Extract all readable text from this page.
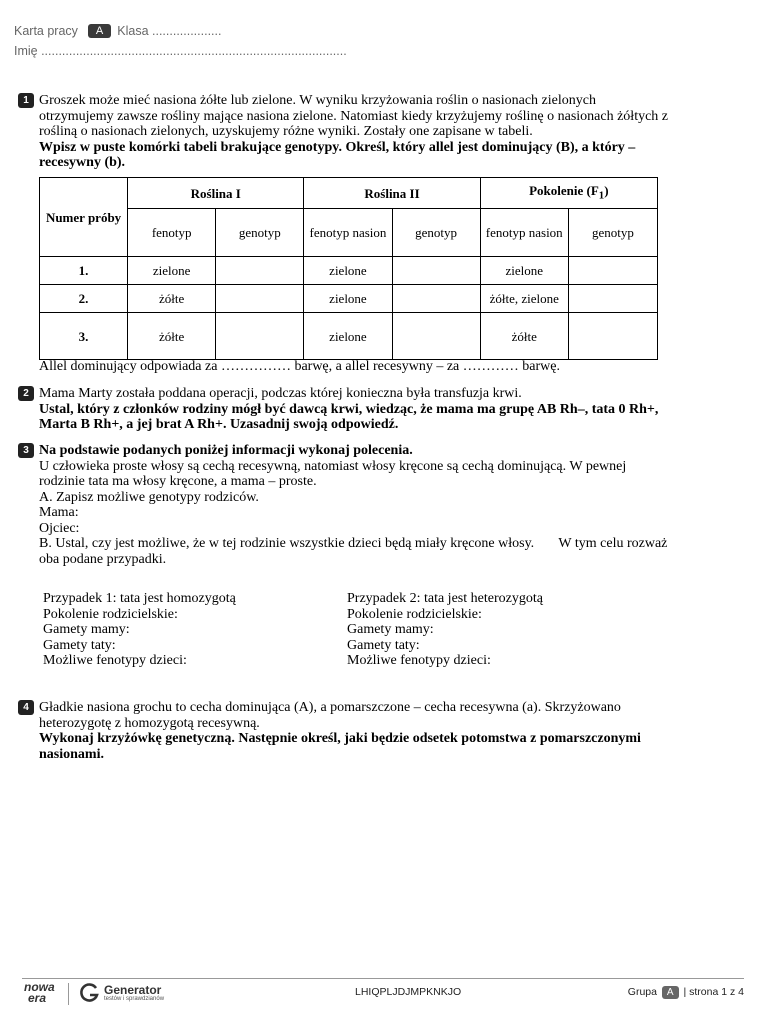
Karta pracy A Klasa ....................
Imię ........................................................................................
1 Groszek może mieć nasiona żółte lub zielone. W wyniku krzyżowania roślin o nasionach zielonych otrzymujemy zawsze rośliny mające nasiona zielone. Natomiast kiedy krzyżujemy roślinę o nasionach żółtych z rośliną o nasionach zielonych, uzyskujemy różne wyniki. Zostały one zapisane w tabeli.
Wpisz w puste komórki tabeli brakujące genotypy. Określ, który allel jest dominujący (B), a który – recesywny (b).
Numer próby	Roślina I		Roślina II		Pokolenie $(F_1)$	
	fenotyp	genotyp	fenotyp nasion	genotyp	fenotyp nasion	genotyp
1.	zielone		zielone		zielone	
2.	żółte		zielone		żółte, zielone	
3.	żółte		zielone		żółte	
Allel dominujący odpowiada za …………… barwę, a allel recesywny – za ………… barwę.
2 Mama Marty została poddana operacji, podczas której konieczna była transfuzja krwi.
Ustal, który z członków rodziny mógł być dawcą krwi, wiedząc, że mama ma grupę AB Rh–, tata 0 Rh+, Marta B Rh+, a jej brat A Rh+. Uzasadnij swoją odpowiedź.
3 Na podstawie podanych poniżej informacji wykonaj polecenia.
U człowieka proste włosy są cechą recesywną, natomiast włosy kręcone są cechą dominującą. W pewnej rodzinie tata ma włosy kręcone, a mama – proste.
A. Zapisz możliwe genotypy rodziców.
Mama:
Ojciec:
B. Ustal, czy jest możliwe, że w tej rodzinie wszystkie dzieci będą miały kręcone włosy.       W tym celu rozważ oba podane przypadki.
Przypadek 1: tata jest homozygotą
Pokolenie rodzicielskie:
Gamety mamy:
Gamety taty:
Możliwe fenotypy dzieci:
Przypadek 2: tata jest heterozygotą
Pokolenie rodzicielskie:
Gamety mamy:
Gamety taty:
Możliwe fenotypy dzieci:
4 Gładkie nasiona grochu to cecha dominująca (A), a pomarszczone – cecha recesywna (a). Skrzyżowano heterozygotę z homozygotą recesywną.
Wykonaj krzyżówkę genetyczną. Następnie określ, jaki będzie odsetek potomstwa z pomarszczonymi nasionami.
nowa
era
Generator
testów i sprawdzianów
LHIQPLJDJMPKNKJO	Grupa A | strona 1 z 4
